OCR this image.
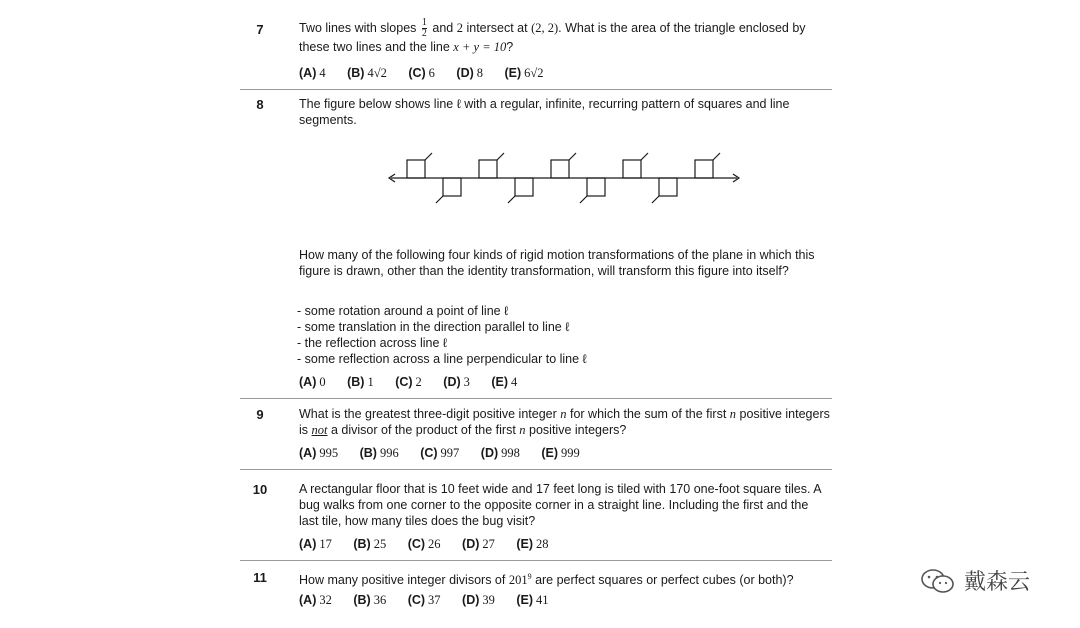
7	Two lines with slopes $\frac{1}{2}$ and 2 intersect at (2, 2). What is the area of the triangle enclosed by these two lines and the line x + y = 10?
(A) 4 (B) 4√2 (C) 6 (D) 8 (E) 6√2
8	The figure below shows line ℓ with a regular, infinite, recurring pattern of squares and line segments.
How many of the following four kinds of rigid motion transformations of the plane in which this figure is drawn, other than the identity transformation, will transform this figure into itself?
- some rotation around a point of line ℓ
- some translation in the direction parallel to line ℓ
- the reflection across line ℓ
- some reflection across a line perpendicular to line ℓ
(A) 0 (B) 1 (C) 2 (D) 3 (E) 4
9	What is the greatest three-digit positive integer n for which the sum of the first n positive integers is not a divisor of the product of the first n positive integers?
(A) 995 (B) 996 (C) 997 (D) 998 (E) 999
10	A rectangular floor that is 10 feet wide and 17 feet long is tiled with 170 one-foot square tiles. A bug walks from one corner to the opposite corner in a straight line. Including the first and the last tile, how many tiles does the bug visit?
(A) 17 (B) 25 (C) 26 (D) 27 (E) 28
11	How many positive integer divisors of $201^9$ are perfect squares or perfect cubes (or both)?
(A) 32 (B) 36 (C) 37 (D) 39 (E) 41
戴森云
